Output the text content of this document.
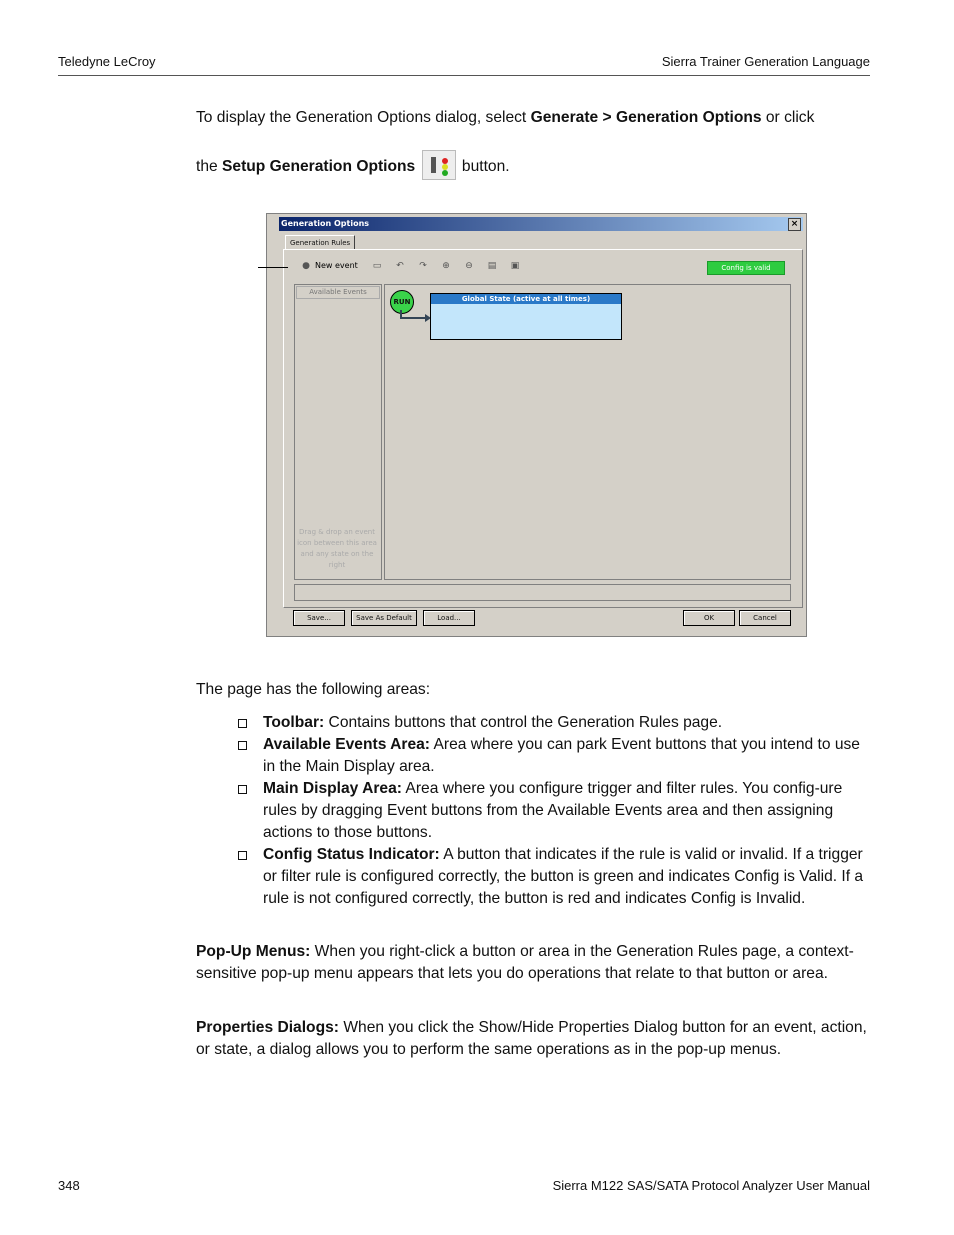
Teledyne LeCroy	Sierra Trainer Generation Language
To display the Generation Options dialog, select Generate > Generation Options or click
the Setup Generation Options	button.
Generation Options	×
Generation Rules
● New event ▭ ↶ ↷ ⊕ ⊖ ▤ ▣	Config is valid
Available Events
Drag & drop an event icon between this area and any state on the right
RUN	Global State (active at all times)
Save...	Save As Default	Load...	OK	Cancel
The page has the following areas:

Toolbar: Contains buttons that control the Generation Rules page.

Available Events Area: Area where you can park Event buttons that you intend to use in the Main Display area.

Main Display Area: Area where you configure trigger and filter rules. You config-ure rules by dragging Event buttons from the Available Events area and then assigning actions to those buttons.

Config Status Indicator: A button that indicates if the rule is valid or invalid. If a trigger or filter rule is configured correctly, the button is green and indicates Config is Valid. If a rule is not configured correctly, the button is red and indicates Config is Invalid.

Pop-Up Menus: When you right-click a button or area in the Generation Rules page, a context-sensitive pop-up menu appears that lets you do operations that relate to that button or area.
Properties Dialogs: When you click the Show/Hide Properties Dialog button for an event, action, or state, a dialog allows you to perform the same operations as in the pop-up menus.
348	Sierra M122 SAS/SATA Protocol Analyzer User Manual
